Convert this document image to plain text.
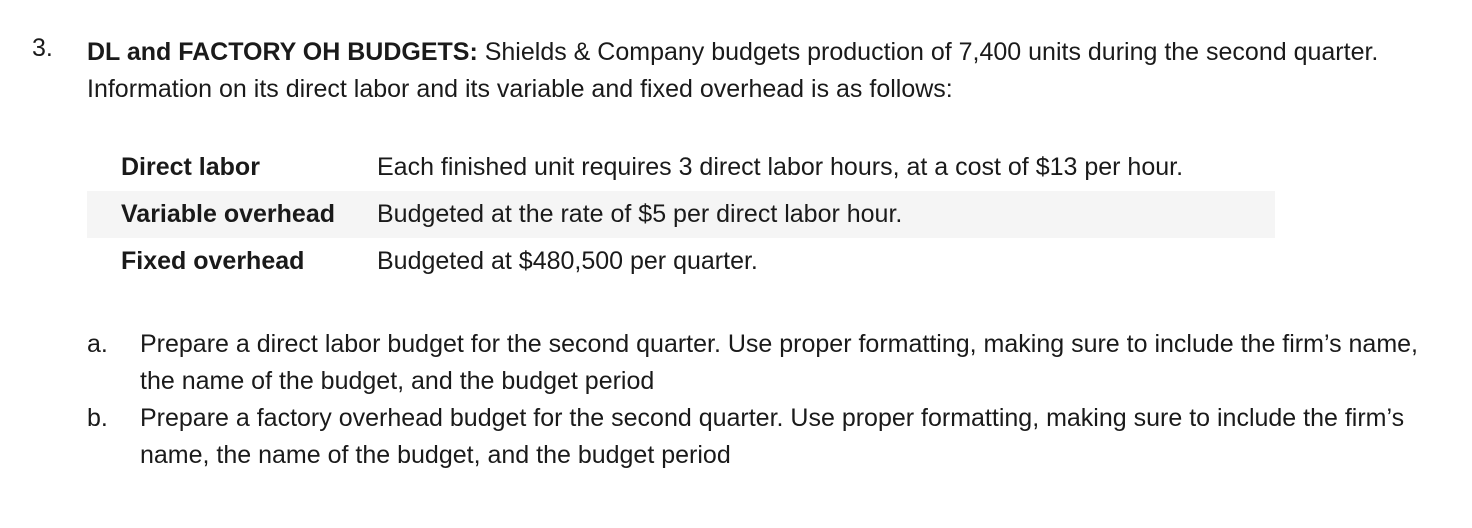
3. DL and FACTORY OH BUDGETS: Shields & Company budgets production of 7,400 units during the second quarter. Information on its direct labor and its variable and fixed overhead is as follows:
Direct labor	Each finished unit requires 3 direct labor hours, at a cost of $13 per hour.
Variable overhead	Budgeted at the rate of $5 per direct labor hour.
Fixed overhead	Budgeted at $480,500 per quarter.
a.	Prepare a direct labor budget for the second quarter. Use proper formatting, making sure to include the firm’s name, the name of the budget, and the budget period
b.	Prepare a factory overhead budget for the second quarter. Use proper formatting, making sure to include the firm’s name, the name of the budget, and the budget period
